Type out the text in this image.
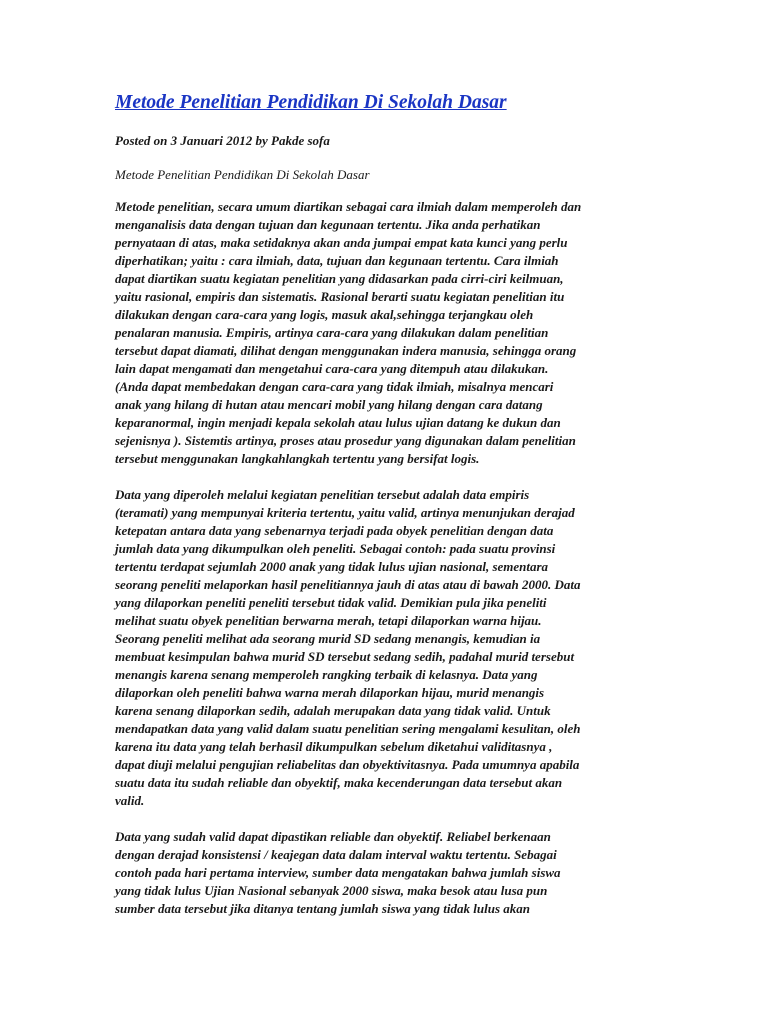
Metode Penelitian Pendidikan Di Sekolah Dasar

Posted on 3 Januari 2012 by Pakde sofa

Metode Penelitian Pendidikan Di Sekolah Dasar

Metode penelitian, secara umum diartikan sebagai cara ilmiah dalam memperoleh dan
menganalisis data dengan tujuan dan kegunaan tertentu. Jika anda perhatikan
pernyataan di atas, maka setidaknya akan anda jumpai empat kata kunci yang perlu
diperhatikan; yaitu : cara ilmiah, data, tujuan dan kegunaan tertentu. Cara ilmiah
dapat diartikan suatu kegiatan penelitian yang didasarkan pada cirri-ciri keilmuan,
yaitu rasional, empiris dan sistematis. Rasional berarti suatu kegiatan penelitian itu
dilakukan dengan cara-cara yang logis, masuk akal,sehingga terjangkau oleh
penalaran manusia. Empiris, artinya cara-cara yang dilakukan dalam penelitian
tersebut dapat diamati, dilihat dengan menggunakan indera manusia, sehingga orang
lain dapat mengamati dan mengetahui cara-cara yang ditempuh atau dilakukan.
(Anda dapat membedakan dengan cara-cara yang tidak ilmiah, misalnya mencari
anak yang hilang di hutan atau mencari mobil yang hilang dengan cara datang
keparanormal, ingin menjadi kepala sekolah atau lulus ujian datang ke dukun dan
sejenisnya ). Sistemtis artinya, proses atau prosedur yang digunakan dalam penelitian
tersebut menggunakan langkahlangkah tertentu yang bersifat logis.

Data yang diperoleh melalui kegiatan penelitian tersebut adalah data empiris
(teramati) yang mempunyai kriteria tertentu, yaitu valid, artinya menunjukan derajad
ketepatan antara data yang sebenarnya terjadi pada obyek penelitian dengan data
jumlah data yang dikumpulkan oleh peneliti. Sebagai contoh: pada suatu provinsi
tertentu terdapat sejumlah 2000 anak yang tidak lulus ujian nasional, sementara
seorang peneliti melaporkan hasil penelitiannya jauh di atas atau di bawah 2000. Data
yang dilaporkan peneliti peneliti tersebut tidak valid. Demikian pula jika peneliti
melihat suatu obyek penelitian berwarna merah, tetapi dilaporkan warna hijau.
Seorang peneliti melihat ada seorang murid SD sedang menangis, kemudian ia
membuat kesimpulan bahwa murid SD tersebut sedang sedih, padahal murid tersebut
menangis karena senang memperoleh rangking terbaik di kelasnya. Data yang
dilaporkan oleh peneliti bahwa warna merah dilaporkan hijau, murid menangis
karena senang dilaporkan sedih, adalah merupakan data yang tidak valid. Untuk
mendapatkan data yang valid dalam suatu penelitian sering mengalami kesulitan, oleh
karena itu data yang telah berhasil dikumpulkan sebelum diketahui validitasnya ,
dapat diuji melalui pengujian reliabelitas dan obyektivitasnya. Pada umumnya apabila
suatu data itu sudah reliable dan obyektif, maka kecenderungan data tersebut akan
valid.

Data yang sudah valid dapat dipastikan reliable dan obyektif. Reliabel berkenaan
dengan derajad konsistensi / keajegan data dalam interval waktu tertentu. Sebagai
contoh pada hari pertama interview, sumber data mengatakan bahwa jumlah siswa
yang tidak lulus Ujian Nasional sebanyak 2000 siswa, maka besok atau lusa pun
sumber data tersebut jika ditanya tentang jumlah siswa yang tidak lulus akan
